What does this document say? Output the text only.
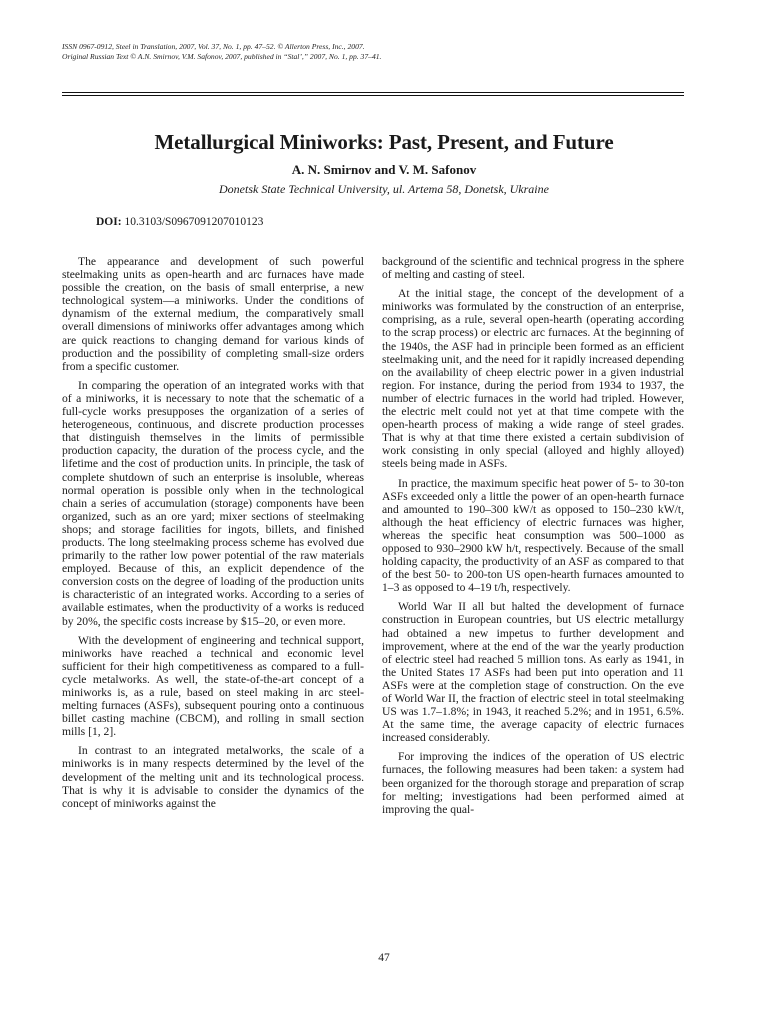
ISSN 0967-0912, Steel in Translation, 2007, Vol. 37, No. 1, pp. 47–52. © Allerton Press, Inc., 2007.
Original Russian Text © A.N. Smirnov, V.M. Safonov, 2007, published in “Stal’,” 2007, No. 1, pp. 37–41.
Metallurgical Miniworks: Past, Present, and Future
A. N. Smirnov and V. M. Safonov
Donetsk State Technical University, ul. Artema 58, Donetsk, Ukraine
DOI: 10.3103/S0967091207010123

The appearance and development of such powerful steelmaking units as open-hearth and arc furnaces have made possible the creation, on the basis of small enterprise, a new technological system—a miniworks. Under the conditions of dynamism of the external medium, the comparatively small overall dimensions of miniworks offer advantages among which are quick reactions to changing demand for various kinds of production and the possibility of completing small-size orders from a specific customer.

In comparing the operation of an integrated works with that of a miniworks, it is necessary to note that the schematic of a full-cycle works presupposes the organization of a series of heterogeneous, continuous, and discrete production processes that distinguish themselves in the limits of permissible production capacity, the duration of the process cycle, and the lifetime and the cost of production units. In principle, the task of complete shutdown of such an enterprise is insoluble, whereas normal operation is possible only when in the technological chain a series of accumulation (storage) components have been organized, such as an ore yard; mixer sections of steelmaking shops; and storage facilities for ingots, billets, and finished products. The long steelmaking process scheme has evolved due primarily to the rather low power potential of the raw materials employed. Because of this, an explicit dependence of the conversion costs on the degree of loading of the production units is characteristic of an integrated works. According to a series of available estimates, when the productivity of a works is reduced by 20%, the specific costs increase by $15–20, or even more.

With the development of engineering and technical support, miniworks have reached a technical and economic level sufficient for their high competitiveness as compared to a full-cycle metalworks. As well, the state-of-the-art concept of a miniworks is, as a rule, based on steel making in arc steel-melting furnaces (ASFs), subsequent pouring onto a continuous billet casting machine (CBCM), and rolling in small section mills [1, 2].

In contrast to an integrated metalworks, the scale of a miniworks is in many respects determined by the level of the development of the melting unit and its technological process. That is why it is advisable to consider the dynamics of the concept of miniworks against the

background of the scientific and technical progress in the sphere of melting and casting of steel.

At the initial stage, the concept of the development of a miniworks was formulated by the construction of an enterprise, comprising, as a rule, several open-hearth (operating according to the scrap process) or electric arc furnaces. At the beginning of the 1940s, the ASF had in principle been formed as an efficient steelmaking unit, and the need for it rapidly increased depending on the availability of cheep electric power in a given industrial region. For instance, during the period from 1934 to 1937, the number of electric furnaces in the world had tripled. However, the electric melt could not yet at that time compete with the open-hearth process of making a wide range of steel grades. That is why at that time there existed a certain subdivision of work consisting in only special (alloyed and highly alloyed) steels being made in ASFs.

In practice, the maximum specific heat power of 5- to 30-ton ASFs exceeded only a little the power of an open-hearth furnace and amounted to 190–300 kW/t as opposed to 150–230 kW/t, although the heat efficiency of electric furnaces was higher, whereas the specific heat consumption was 500–1000 as opposed to 930–2900 kW h/t, respectively. Because of the small holding capacity, the productivity of an ASF as compared to that of the best 50- to 200-ton US open-hearth furnaces amounted to 1–3 as opposed to 4–19 t/h, respectively.

World War II all but halted the development of furnace construction in European countries, but US electric metallurgy had obtained a new impetus to further development and improvement, where at the end of the war the yearly production of electric steel had reached 5 million tons. As early as 1941, in the United States 17 ASFs had been put into operation and 11 ASFs were at the completion stage of construction. On the eve of World War II, the fraction of electric steel in total steelmaking US was 1.7–1.8%; in 1943, it reached 5.2%; and in 1951, 6.5%. At the same time, the average capacity of electric furnaces increased considerably.

For improving the indices of the operation of US electric furnaces, the following measures had been taken: a system had been organized for the thorough storage and preparation of scrap for melting; investigations had been performed aimed at improving the qual-

47
